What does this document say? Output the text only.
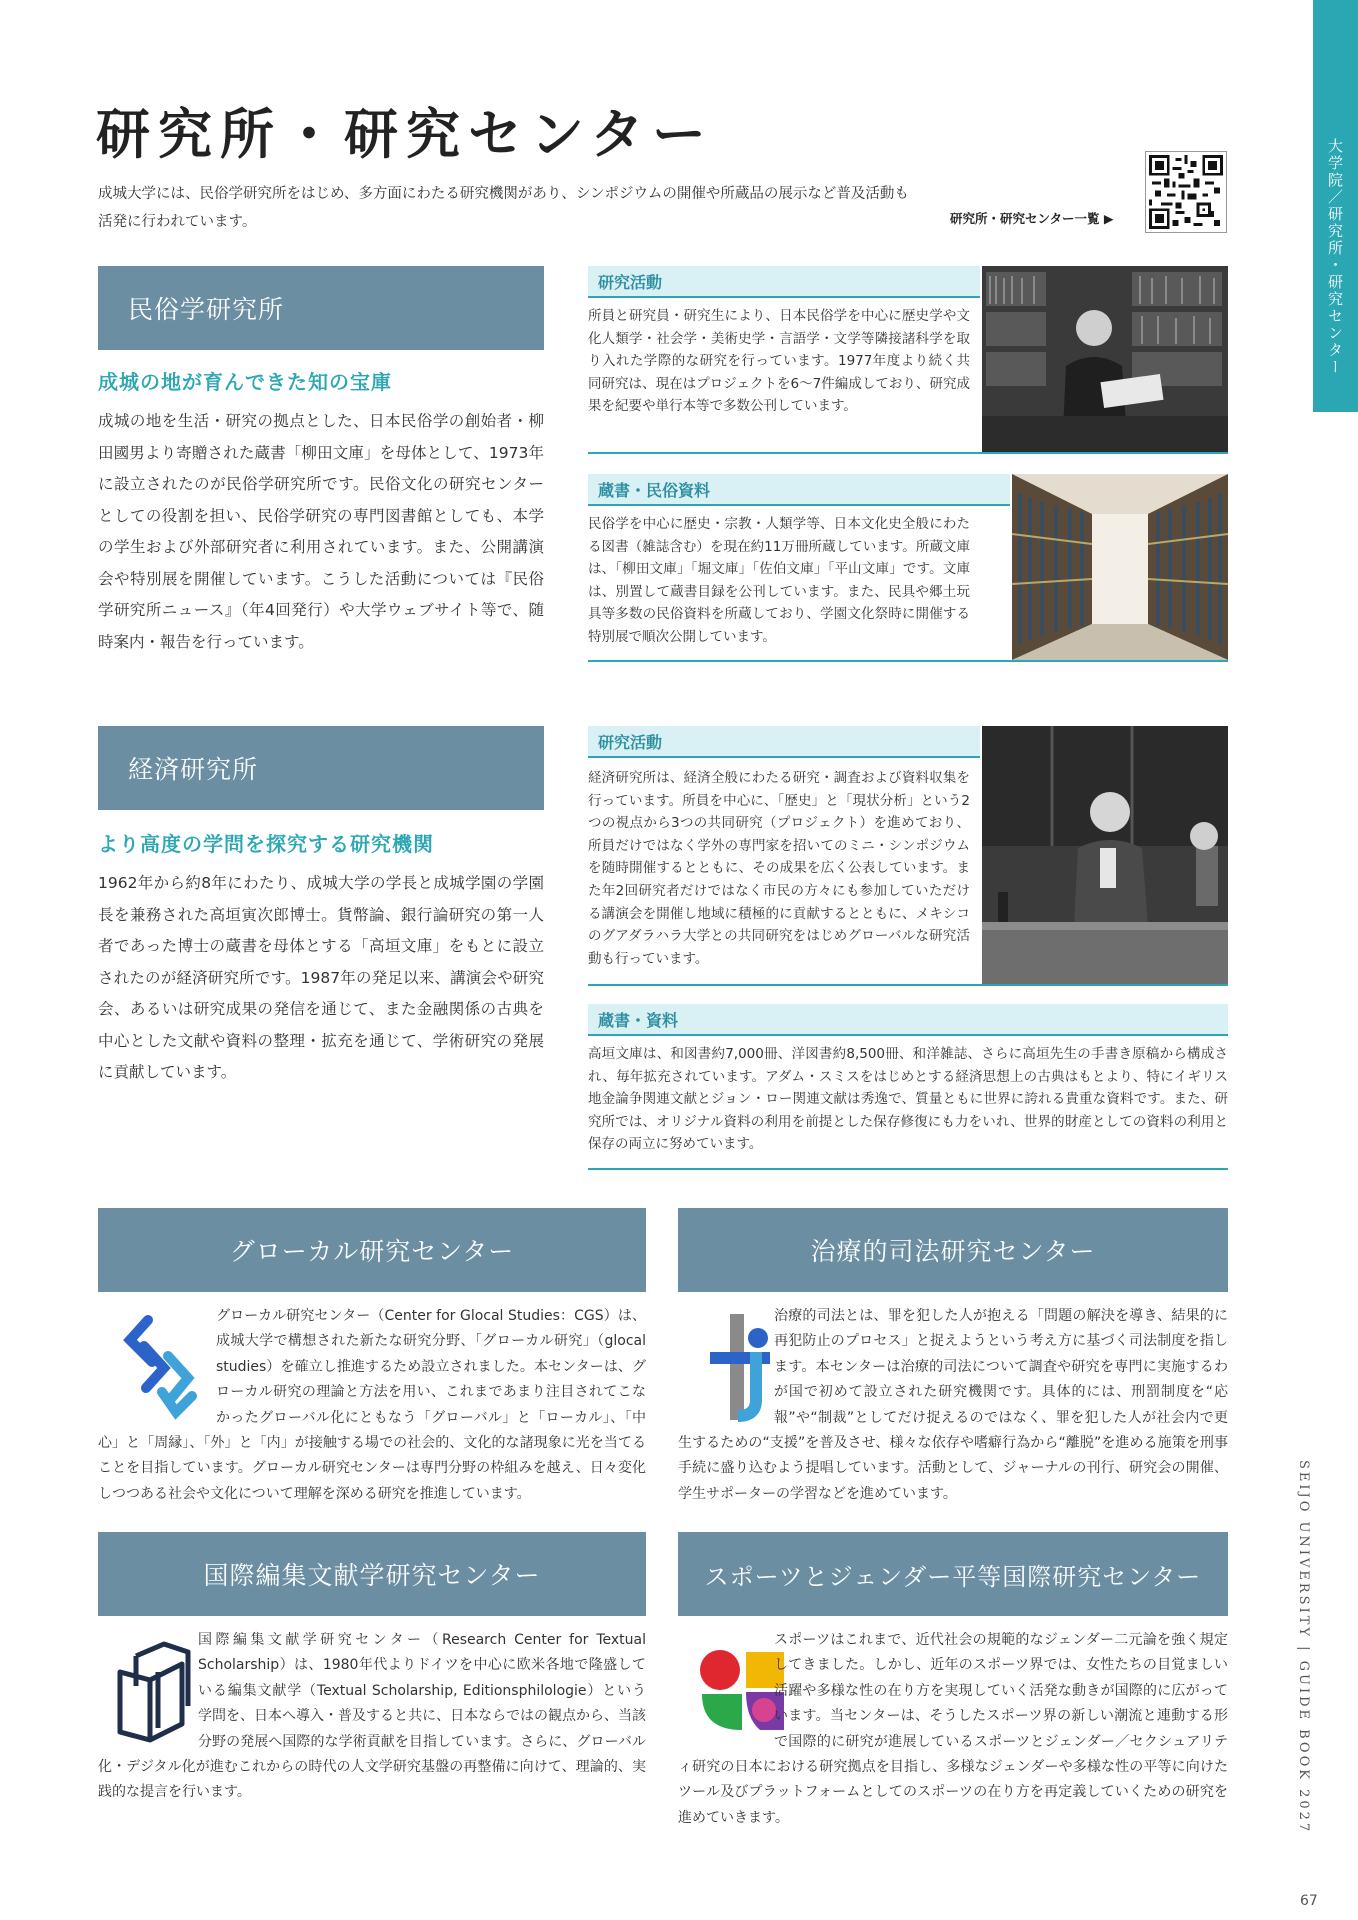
大学院／研究所・研究センター
SEIJO UNIVERSITY | GUIDE BOOK 2027
67
研究所・研究センター
成城大学には、民俗学研究所をはじめ、多方面にわたる研究機関があり、シンポジウムの開催や所蔵品の展示など普及活動も活発に行われています。	研究所・研究センター一覧 ▶
民俗学研究所
成城の地が育んできた知の宝庫
成城の地を生活・研究の拠点とした、日本民俗学の創始者・柳田國男より寄贈された蔵書「柳田文庫」を母体として、1973年に設立されたのが民俗学研究所です。民俗文化の研究センターとしての役割を担い、民俗学研究の専門図書館としても、本学の学生および外部研究者に利用されています。また、公開講演会や特別展を開催しています。こうした活動については『民俗学研究所ニュース』（年4回発行）や大学ウェブサイト等で、随時案内・報告を行っています。
研究活動
所員と研究員・研究生により、日本民俗学を中心に歴史学や文化人類学・社会学・美術史学・言語学・文学等隣接諸科学を取り入れた学際的な研究を行っています。1977年度より続く共同研究は、現在はプロジェクトを6〜7件編成しており、研究成果を紀要や単行本等で多数公刊しています。
蔵書・民俗資料
民俗学を中心に歴史・宗教・人類学等、日本文化史全般にわたる図書（雑誌含む）を現在約11万冊所蔵しています。所蔵文庫は、「柳田文庫」「堀文庫」「佐伯文庫」「平山文庫」です。文庫は、別置して蔵書目録を公刊しています。また、民具や郷土玩具等多数の民俗資料を所蔵しており、学園文化祭時に開催する特別展で順次公開しています。
経済研究所
より高度の学問を探究する研究機関
1962年から約8年にわたり、成城大学の学長と成城学園の学園長を兼務された高垣寅次郎博士。貨幣論、銀行論研究の第一人者であった博士の蔵書を母体とする「高垣文庫」をもとに設立されたのが経済研究所です。1987年の発足以来、講演会や研究会、あるいは研究成果の発信を通じて、また金融関係の古典を中心とした文献や資料の整理・拡充を通じて、学術研究の発展に貢献しています。
研究活動
経済研究所は、経済全般にわたる研究・調査および資料収集を行っています。所員を中心に、「歴史」と「現状分析」という2つの視点から3つの共同研究（プロジェクト）を進めており、所員だけではなく学外の専門家を招いてのミニ・シンポジウムを随時開催するとともに、その成果を広く公表しています。また年2回研究者だけではなく市民の方々にも参加していただける講演会を開催し地域に積極的に貢献するとともに、メキシコのグアダラハラ大学との共同研究をはじめグローバルな研究活動も行っています。
蔵書・資料
高垣文庫は、和図書約7,000冊、洋図書約8,500冊、和洋雑誌、さらに高垣先生の手書き原稿から構成され、毎年拡充されています。アダム・スミスをはじめとする経済思想上の古典はもとより、特にイギリス地金論争関連文献とジョン・ロー関連文献は秀逸で、質量ともに世界に誇れる貴重な資料です。また、研究所では、オリジナル資料の利用を前提とした保存修復にも力をいれ、世界的財産としての資料の利用と保存の両立に努めています。
グローカル研究センター
グローカル研究センター（Center for Glocal Studies：CGS）は、成城大学で構想された新たな研究分野、「グローカル研究」（glocal studies）を確立し推進するため設立されました。本センターは、グローカル研究の理論と方法を用い、これまであまり注目されてこなかったグローバル化にともなう「グローバル」と「ローカル」、「中心」と「周縁」、「外」と「内」が接触する場での社会的、文化的な諸現象に光を当てることを目指しています。グローカル研究センターは専門分野の枠組みを越え、日々変化しつつある社会や文化について理解を深める研究を推進しています。
治療的司法研究センター
治療的司法とは、罪を犯した人が抱える「問題の解決を導き、結果的に再犯防止のプロセス」と捉えようという考え方に基づく司法制度を指します。本センターは治療的司法について調査や研究を専門に実施するわが国で初めて設立された研究機関です。具体的には、刑罰制度を“応報”や“制裁”としてだけ捉えるのではなく、罪を犯した人が社会内で更生するための“支援”を普及させ、様々な依存や嗜癖行為から“離脱”を進める施策を刑事手続に盛り込むよう提唱しています。活動として、ジャーナルの刊行、研究会の開催、学生サポーターの学習などを進めています。
国際編集文献学研究センター
国際編集文献学研究センター（Research Center for Textual Scholarship）は、1980年代よりドイツを中心に欧米各地で隆盛している編集文献学（Textual Scholarship, Editionsphilologie）という学問を、日本へ導入・普及すると共に、日本ならではの観点から、当該分野の発展へ国際的な学術貢献を目指しています。さらに、グローバル化・デジタル化が進むこれからの時代の人文学研究基盤の再整備に向けて、理論的、実践的な提言を行います。
スポーツとジェンダー平等国際研究センター
スポーツはこれまで、近代社会の規範的なジェンダー二元論を強く規定してきました。しかし、近年のスポーツ界では、女性たちの目覚ましい活躍や多様な性の在り方を実現していく活発な動きが国際的に広がっています。当センターは、そうしたスポーツ界の新しい潮流と連動する形で国際的に研究が進展しているスポーツとジェンダー／セクシュアリティ研究の日本における研究拠点を目指し、多様なジェンダーや多様な性の平等に向けたツール及びプラットフォームとしてのスポーツの在り方を再定義していくための研究を進めていきます。
